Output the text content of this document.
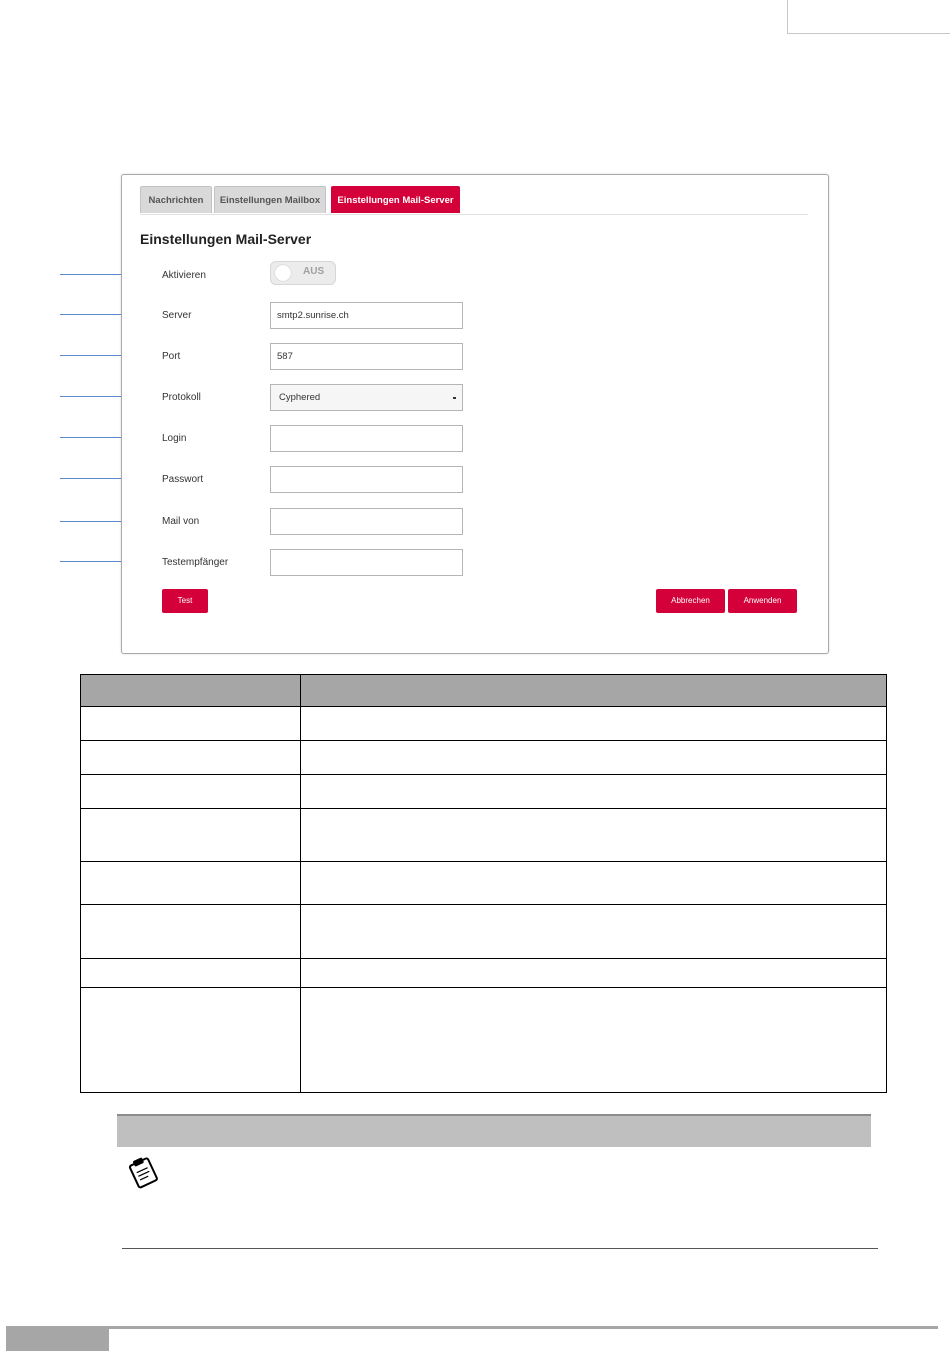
Nachrichten	Einstellungen Mailbox	Einstellungen Mail-Server
Einstellungen Mail-Server
Aktivieren	AUS
Server	smtp2.sunrise.ch
Port	587
Protokoll	Cyphered
Login
Passwort
Mail von
Testempfänger
Test	Abbrechen	Anwenden
